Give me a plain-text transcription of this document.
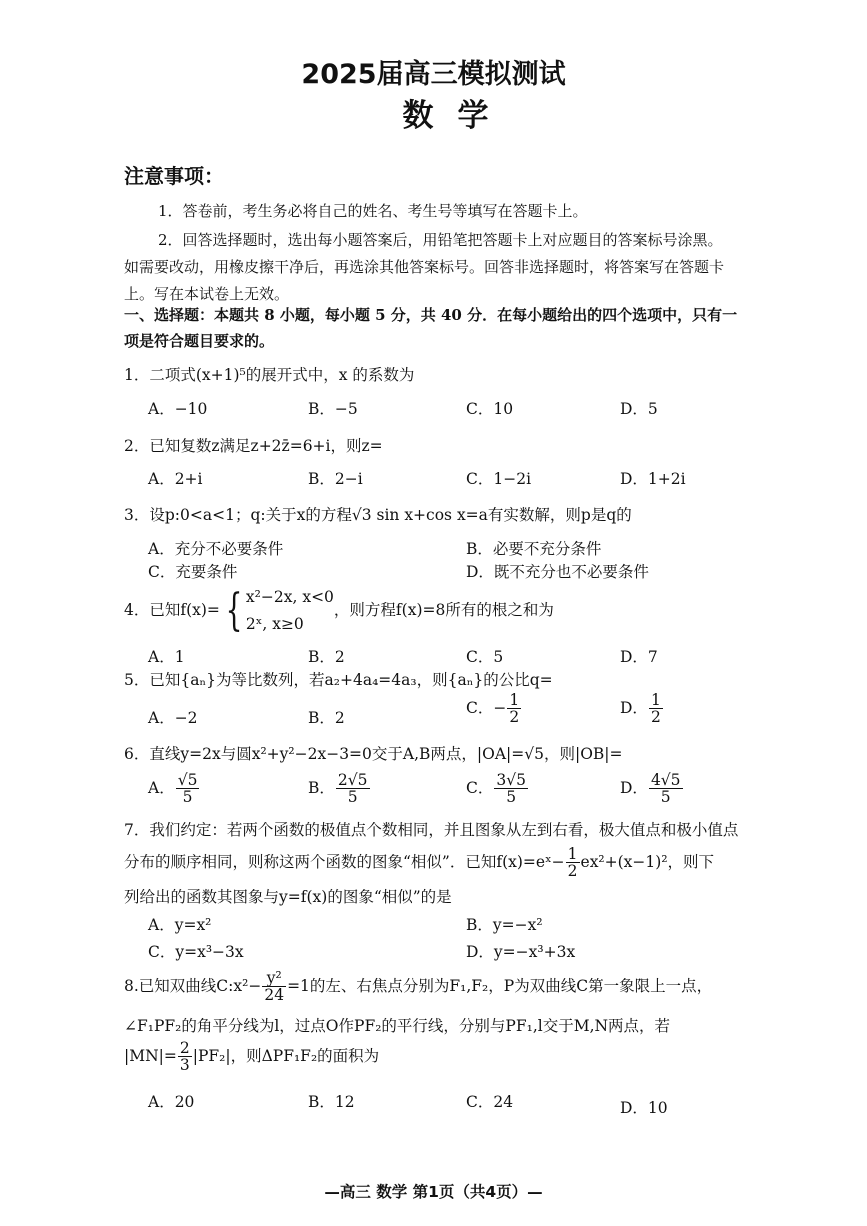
2025届高三模拟测试
数学
注意事项：
1．答卷前，考生务必将自己的姓名、考生号等填写在答题卡上。
2．回答选择题时，选出每小题答案后，用铅笔把答题卡上对应题目的答案标号涂黑。
如需要改动，用橡皮擦干净后，再选涂其他答案标号。回答非选择题时，将答案写在答题卡
上。写在本试卷上无效。
一、选择题：本题共 8 小题，每小题 5 分，共 40 分．在每小题给出的四个选项中，只有一
项是符合题目要求的。
1．二项式(x+1)⁵的展开式中，x 的系数为
A．−10	B．−5	C．10	D．5
2．已知复数z满足z+2z̄=6+i，则z=
A．2+i	B．2−i	C．1−2i	D．1+2i
3．设p:0<a<1；q:关于x的方程√3 sin x+cos x=a有实数解，则p是q的
A．充分不必要条件	B．必要不充分条件
C．充要条件	D．既不充分也不必要条件
4．已知f(x)= { x²−2x, x<0
2ˣ, x≥0
，则方程f(x)=8所有的根之和为
A．1	B．2	C．5	D．7
5．已知{aₙ}为等比数列，若a₂+4a₄=4a₃，则{aₙ}的公比q=
A．−2	B．2
C．− $\frac{1}{2}$	D． $\frac{1}{2}$
6．直线y=2x与圆x²+y²−2x−3=0交于A,B两点，|OA|=√5，则|OB|=
A． $\frac{√5}{5}$	B． $\frac{2√5}{5}$	C． $\frac{3√5}{5}$	D． $\frac{4√5}{5}$
7．我们约定：若两个函数的极值点个数相同，并且图象从左到右看，极大值点和极小值点
分布的顺序相同，则称这两个函数的图象“相似”．已知f(x)=eˣ− $\frac{1}{2} ex^2+(x-1)^2$，则下
列给出的函数其图象与y=f(x)的图象“相似”的是
A．y=x²	B．y=−x²
C．y=x³−3x	D．y=−x³+3x
8.已知双曲线C:x²− $\frac{\text{y²}}{24} =1$的左、右焦点分别为F₁,F₂，P为双曲线C第一象限上一点，
∠F₁PF₂的角平分线为l，过点O作PF₂的平行线，分别与PF₁,l交于M,N两点，若
$|MN|= \frac{2}{3} |PF_2|$，则ΔPF₁F₂的面积为
A．20	B．12	C．24	D．10
—高三 数学 第1页（共4页）—
